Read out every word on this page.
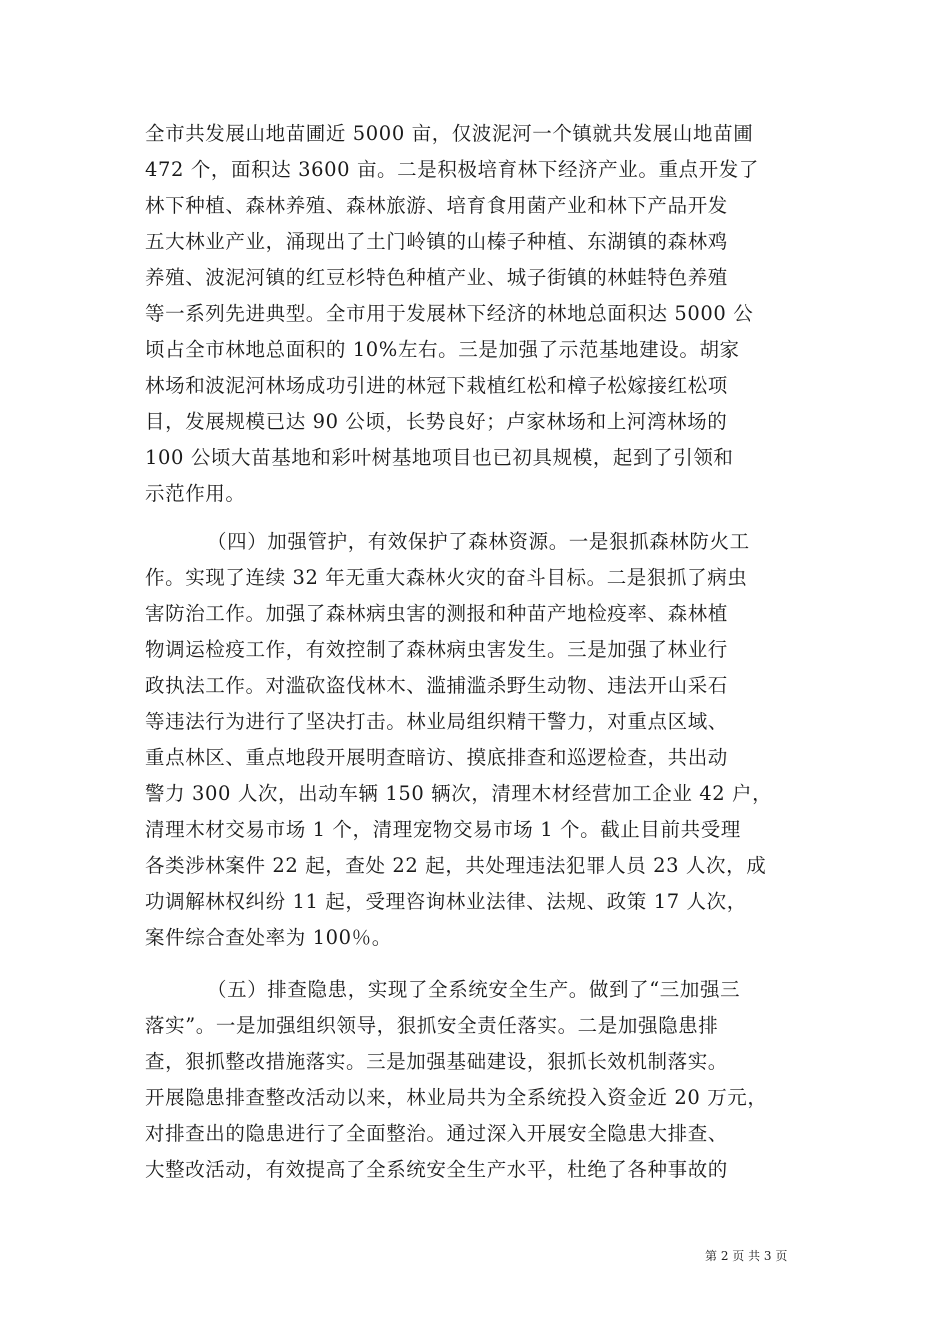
全市共发展山地苗圃近 5000 亩，仅波泥河一个镇就共发展山地苗圃
472 个，面积达 3600 亩。二是积极培育林下经济产业。重点开发了
林下种植、森林养殖、森林旅游、培育食用菌产业和林下产品开发
五大林业产业，涌现出了土门岭镇的山榛子种植、东湖镇的森林鸡
养殖、波泥河镇的红豆杉特色种植产业、城子街镇的林蛙特色养殖
等一系列先进典型。全市用于发展林下经济的林地总面积达 5000 公
顷占全市林地总面积的 10%左右。三是加强了示范基地建设。胡家
林场和波泥河林场成功引进的林冠下栽植红松和樟子松嫁接红松项
目，发展规模已达 90 公顷，长势良好；卢家林场和上河湾林场的
100 公顷大苗基地和彩叶树基地项目也已初具规模，起到了引领和
示范作用。
（四）加强管护，有效保护了森林资源。一是狠抓森林防火工
作。实现了连续 32 年无重大森林火灾的奋斗目标。二是狠抓了病虫
害防治工作。加强了森林病虫害的测报和种苗产地检疫率、森林植
物调运检疫工作，有效控制了森林病虫害发生。三是加强了林业行
政执法工作。对滥砍盗伐林木、滥捕滥杀野生动物、违法开山采石
等违法行为进行了坚决打击。林业局组织精干警力，对重点区域、
重点林区、重点地段开展明查暗访、摸底排查和巡逻检查，共出动
警力 300 人次，出动车辆 150 辆次，清理木材经营加工企业 42 户，
清理木材交易市场 1 个，清理宠物交易市场 1 个。截止目前共受理
各类涉林案件 22 起，查处 22 起，共处理违法犯罪人员 23 人次，成
功调解林权纠纷 11 起，受理咨询林业法律、法规、政策 17 人次，
案件综合查处率为 100％。
（五）排查隐患，实现了全系统安全生产。做到了“三加强三
落实”。一是加强组织领导，狠抓安全责任落实。二是加强隐患排
查，狠抓整改措施落实。三是加强基础建设，狠抓长效机制落实。
开展隐患排查整改活动以来，林业局共为全系统投入资金近 20 万元，
对排查出的隐患进行了全面整治。通过深入开展安全隐患大排查、
大整改活动，有效提高了全系统安全生产水平，杜绝了各种事故的
第 2 页 共 3 页
